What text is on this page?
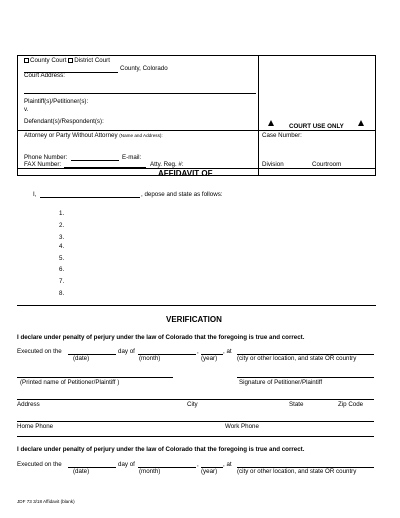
County Court District Court
County, Colorado
Court Address:
Plaintiff(s)/Petitioner(s):
v.
Defendant(s)/Respondent(s):
COURT USE ONLY
Attorney or Party Without Attorney (Name and Address):	Case Number:
Phone Number:	E-mail:
FAX Number:	Atty. Reg. #:	Division	Courtroom
AFFIDAVIT OF
I,	, depose and state as follows:
1.
2.
3.
4.
5.
6.
7.
8.
VERIFICATION
I declare under penalty of perjury under the law of Colorado that the foregoing is true and correct.
Executed on the	day of	,	, at
(date)	(month)	(year)	(city or other location, and state OR country
(Printed name of Petitioner/Plaintiff )	Signature of Petitioner/Plaintiff
Address	City	State	Zip Code
Home Phone	Work Phone
I declare under penalty of perjury under the law of Colorado that the foregoing is true and correct.
Executed on the	day of	,	, at
(date)	(month)	(year)	(city or other location, and state OR country
JDF 73 3/18 Affidavit (blank)
